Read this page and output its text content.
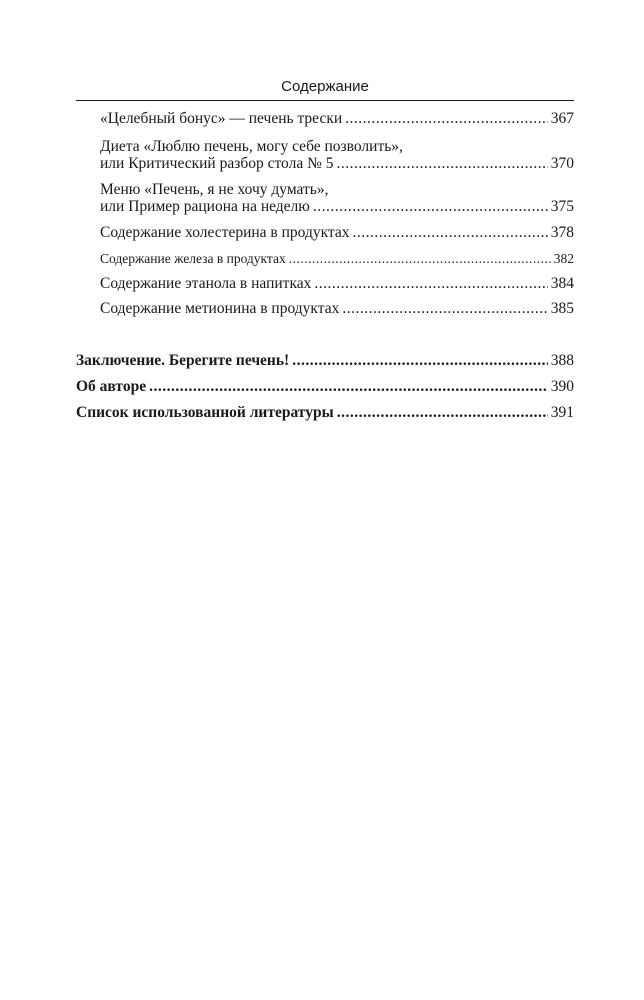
Содержание
«Целебный бонус» — печень трески .....	367
Диета «Люблю печень, могу себе позволить»,
или Критический разбор стола № 5 .....	370
Меню «Печень, я не хочу думать»,
или Пример рациона на неделю .....	375
Содержание холестерина в продуктах .....	378
Содержание железа в продуктах .....	382
Содержание этанола в напитках .....	384
Содержание метионина в продуктах .....	385
Заключение. Берегите печень! .....	388
Об авторе .....	390
Список использованной литературы .....	391
